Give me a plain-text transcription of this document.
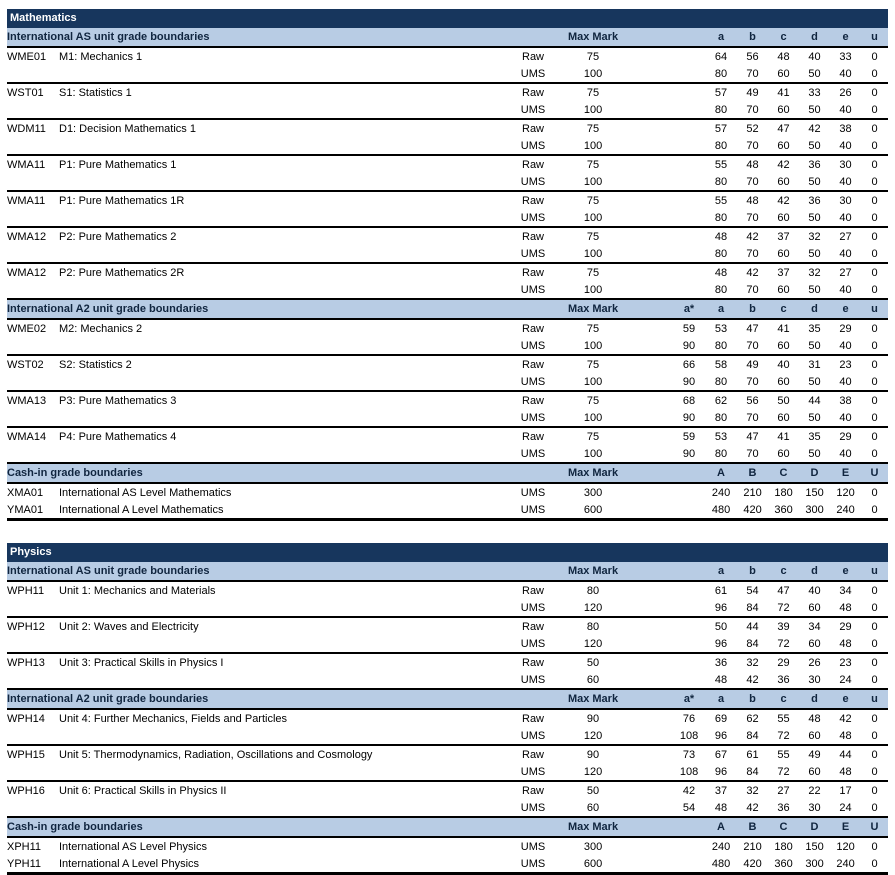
Mathematics
International AS unit grade boundaries		Max Mark			a	b	c	d	e	u
WME01 M1: Mechanics 1	Raw	75			64	56	48	40	33	0
	UMS	100			80	70	60	50	40	0
WST01 S1: Statistics 1	Raw	75			57	49	41	33	26	0
	UMS	100			80	70	60	50	40	0
WDM11 D1: Decision Mathematics 1	Raw	75			57	52	47	42	38	0
	UMS	100			80	70	60	50	40	0
WMA11 P1: Pure Mathematics 1	Raw	75			55	48	42	36	30	0
	UMS	100			80	70	60	50	40	0
WMA11 P1: Pure Mathematics 1R	Raw	75			55	48	42	36	30	0
	UMS	100			80	70	60	50	40	0
WMA12 P2: Pure Mathematics 2	Raw	75			48	42	37	32	27	0
	UMS	100			80	70	60	50	40	0
WMA12 P2: Pure Mathematics 2R	Raw	75			48	42	37	32	27	0
	UMS	100			80	70	60	50	40	0
International A2 unit grade boundaries		Max Mark		a*	a	b	c	d	e	u
WME02 M2: Mechanics 2	Raw	75		59	53	47	41	35	29	0
	UMS	100		90	80	70	60	50	40	0
WST02 S2: Statistics 2	Raw	75		66	58	49	40	31	23	0
	UMS	100		90	80	70	60	50	40	0
WMA13 P3: Pure Mathematics 3	Raw	75		68	62	56	50	44	38	0
	UMS	100		90	80	70	60	50	40	0
WMA14 P4: Pure Mathematics 4	Raw	75		59	53	47	41	35	29	0
	UMS	100		90	80	70	60	50	40	0
Cash-in grade boundaries		Max Mark			A	B	C	D	E	U
XMA01 International AS Level Mathematics	UMS	300			240	210	180	150	120	0
YMA01 International A Level Mathematics	UMS	600			480	420	360	300	240	0
Physics
International AS unit grade boundaries		Max Mark			a	b	c	d	e	u
WPH11 Unit 1: Mechanics and Materials	Raw	80			61	54	47	40	34	0
	UMS	120			96	84	72	60	48	0
WPH12 Unit 2: Waves and Electricity	Raw	80			50	44	39	34	29	0
	UMS	120			96	84	72	60	48	0
WPH13 Unit 3: Practical Skills in Physics I	Raw	50			36	32	29	26	23	0
	UMS	60			48	42	36	30	24	0
International A2 unit grade boundaries		Max Mark		a*	a	b	c	d	e	u
WPH14 Unit 4: Further Mechanics, Fields and Particles	Raw	90		76	69	62	55	48	42	0
	UMS	120		108	96	84	72	60	48	0
WPH15 Unit 5: Thermodynamics, Radiation, Oscillations and Cosmology	Raw	90		73	67	61	55	49	44	0
	UMS	120		108	96	84	72	60	48	0
WPH16 Unit 6: Practical Skills in Physics II	Raw	50		42	37	32	27	22	17	0
	UMS	60		54	48	42	36	30	24	0
Cash-in grade boundaries		Max Mark			A	B	C	D	E	U
XPH11 International AS Level Physics	UMS	300			240	210	180	150	120	0
YPH11 International A Level Physics	UMS	600			480	420	360	300	240	0
